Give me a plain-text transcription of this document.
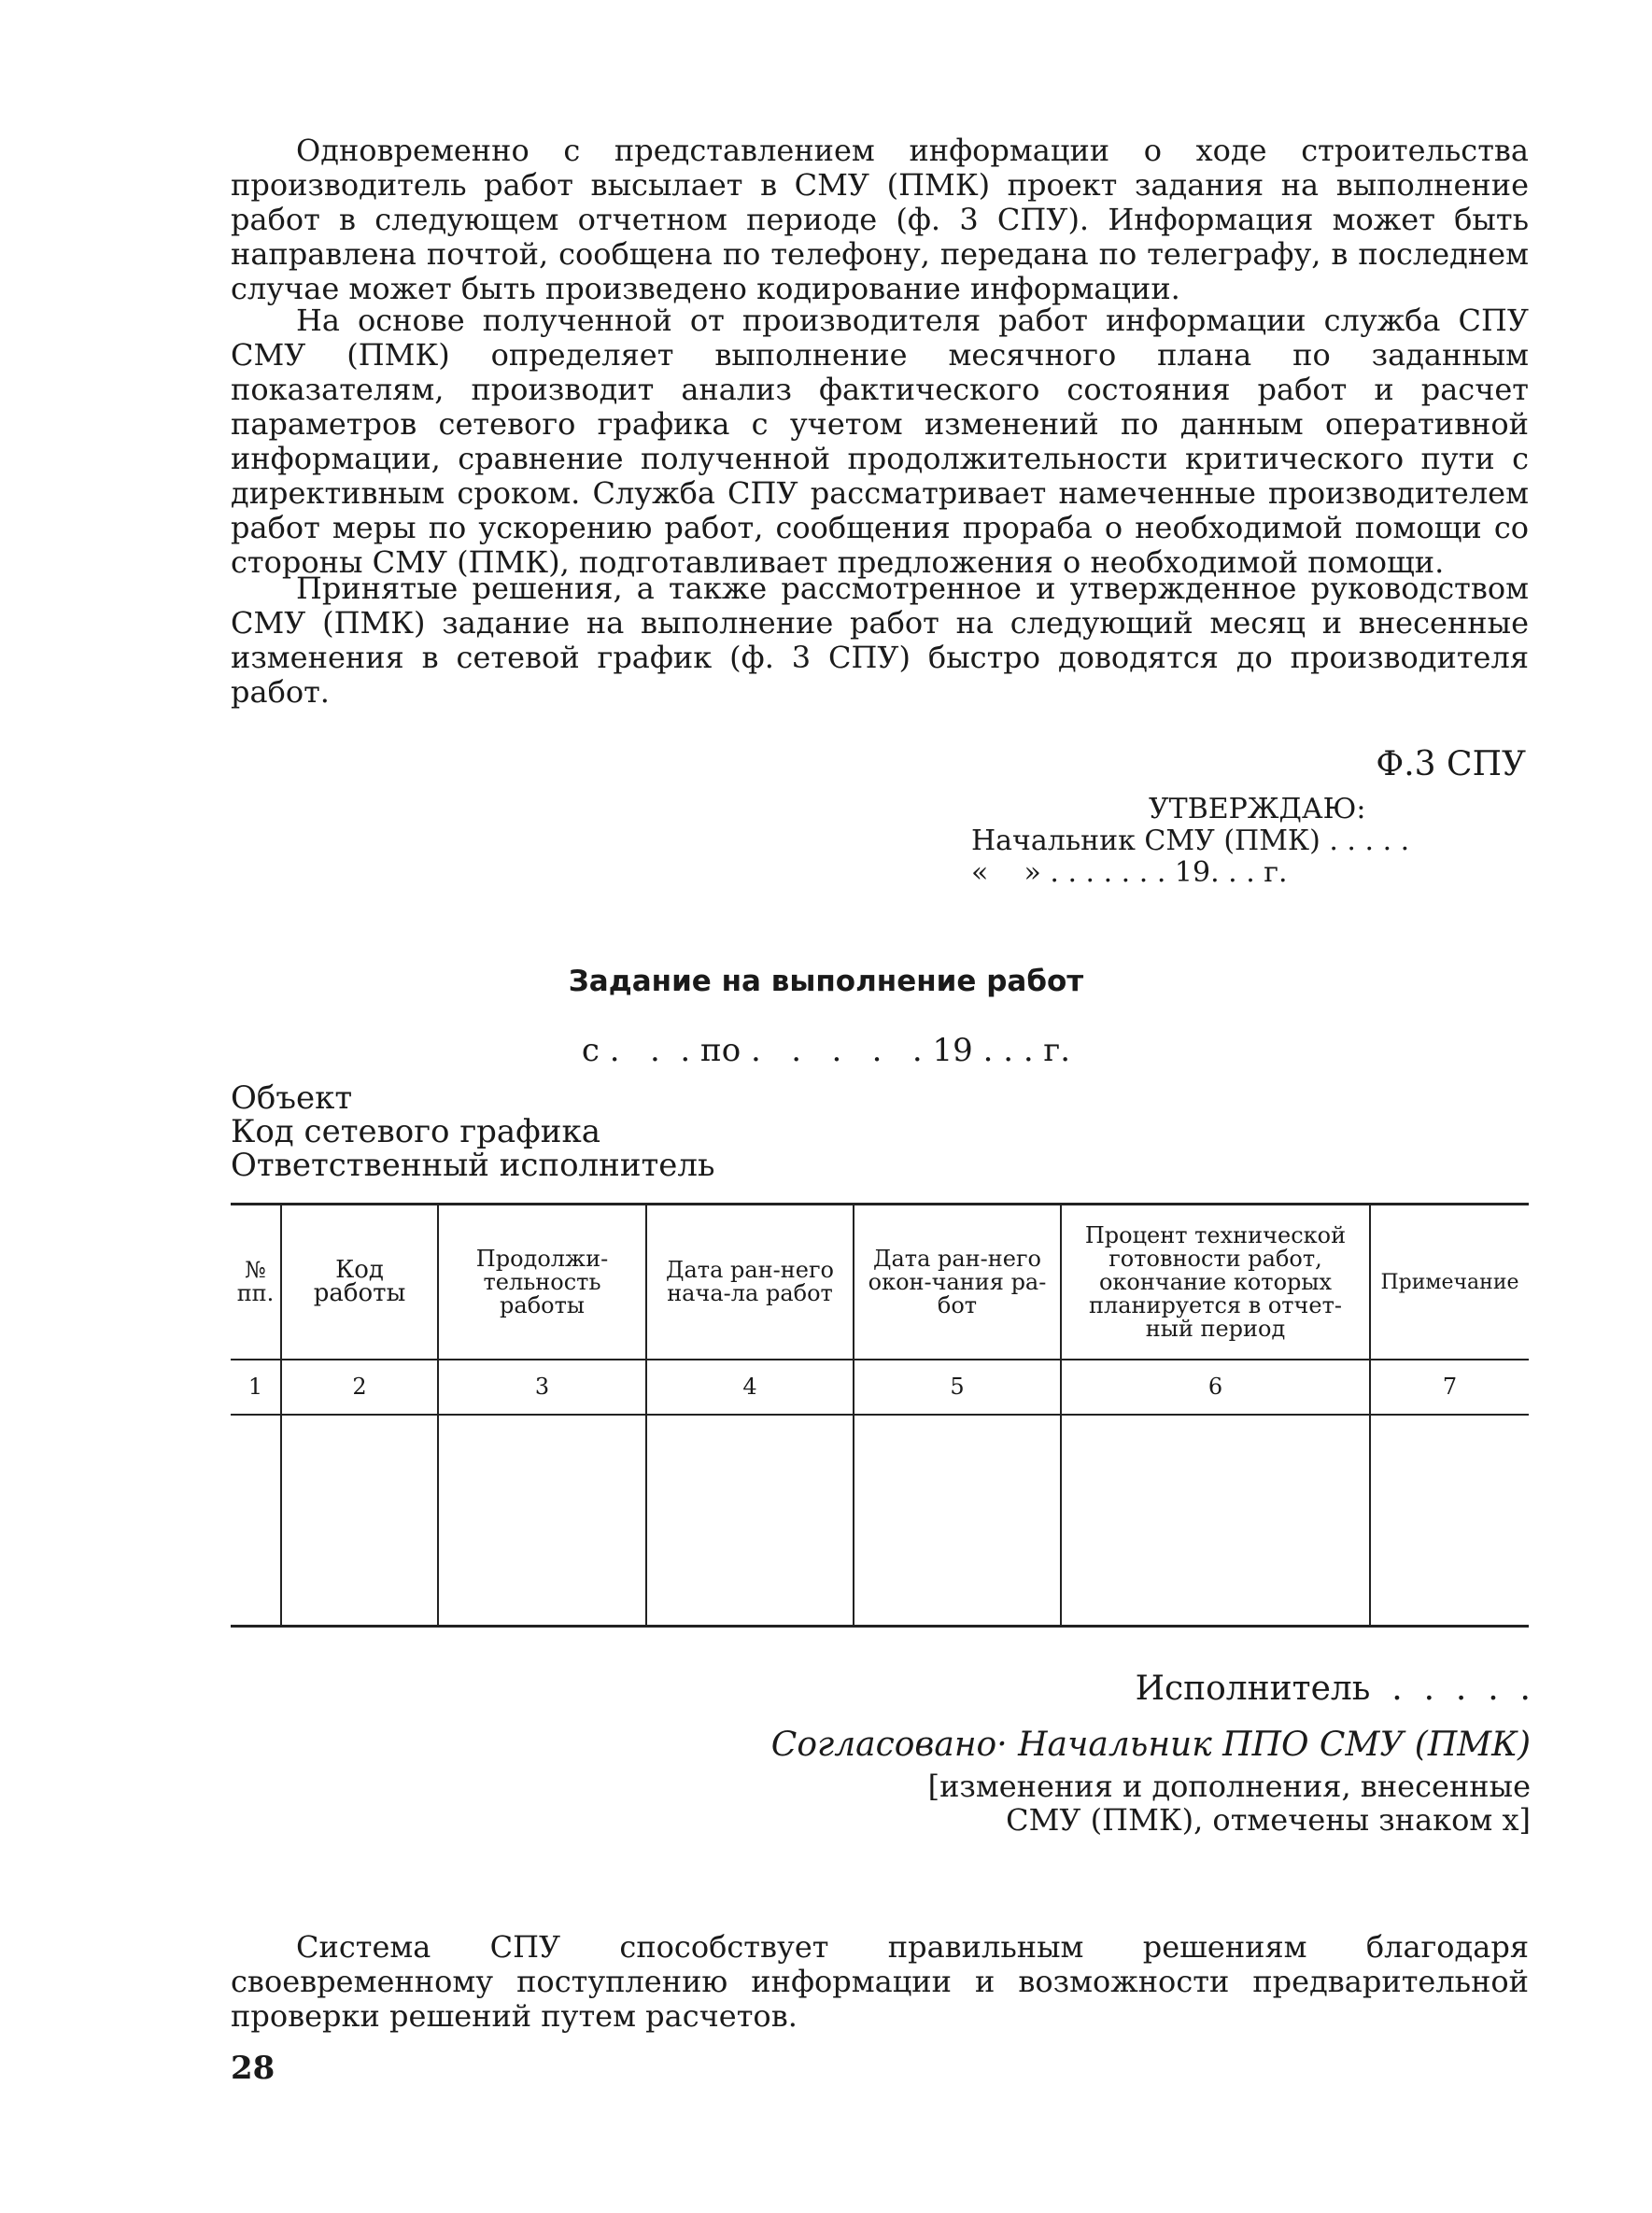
Одновременно с представлением информации о ходе строительства производитель работ высылает в СМУ (ПМК) проект задания на выполнение работ в следующем отчетном периоде (ф. 3 СПУ). Информация может быть направлена почтой, сообщена по телефону, передана по телеграфу, в последнем случае может быть произведено кодирование информации.

На основе полученной от производителя работ информации служба СПУ СМУ (ПМК) определяет выполнение месячного плана по заданным показателям, производит анализ фактического состояния работ и расчет параметров сетевого графика с учетом изменений по данным оперативной информации, сравнение полученной продолжительности критического пути с директивным сроком. Служба СПУ рассматривает намеченные производителем работ меры по ускорению работ, сообщения прораба о необходимой помощи со стороны СМУ (ПМК), подготавливает предложения о необходимой помощи.

Принятые решения, а также рассмотренное и утвержденное руководством СМУ (ПМК) задание на выполнение работ на следующий месяц и внесенные изменения в сетевой график (ф. 3 СПУ) быстро доводятся до производителя работ.

Ф.3 СПУ
УТВЕРЖДАЮ:
Начальник СМУ (ПМК) . . . . .
«    » . . . . . . . 19. . . г.
Задание на выполнение работ
с .   .  . по .   .   .   .   . 19 . . . г.
Объект
Код сетевого графика
Ответственный исполнитель
№ пп.	Код работы	Продолжи-тельность работы	Дата ран-него нача-ла работ	Дата ран-него окон-чания ра-бот	Процент технической готовности работ, окончание которых планируется в отчет-ный период	Примечание
1	2	3	4	5	6	7

Исполнитель  .  .  .  .  .
Согласовано· Начальник ППО СМУ (ПМК)
[изменения и дополнения, внесенные
СМУ (ПМК), отмечены знаком x]

Система СПУ способствует правильным решениям благодаря своевременному поступлению информации и возможности предварительной проверки решений путем расчетов.

28
